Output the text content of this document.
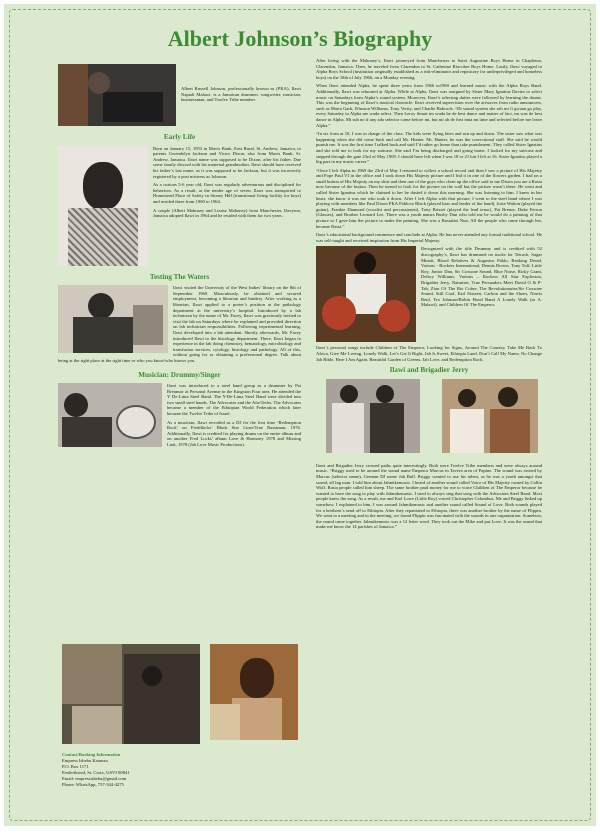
Albert Johnson’s Biography

Albert Russell Johnson, professionally known as (PKA), Ilawi Naptali Malawi, is a Jamaican drummer, songwriter, musician, businessman, and Twelve Tribe member.

Early Life

Born on January 15, 1953 in Mavis Bank, East Rural, St. Andrew, Jamaica, to parents Gwendolyn Jackson and Victor Dixon, also from Mavis Bank, St. Andrew, Jamaica. Ilawi name was supposed to be Dixon, after his father. Due some family discord with his maternal grandmother, Ilawi should have received his father’s last name, as it was supposed to be Jackson, but it was incorrectly registered by a post mistress as Johnson.

As a curious 5-6 year old, Ilawi was regularly adventurous and disciplined for behaviors. As a result, at the tender age of seven, Ilawi was transported to Homestead Place of Safety in Stoney Hill (transitional living facility for boys) and resided there from 1960 to 1964.

A couple (Albert Mahoney and Louise Mahoney) from Manchester, Davyton, Jamaica adopted Ilawi in 1964 and he resided with them for two years.

Testing The Waters

Ilawi visited the University of the West Indies’ library on the 8th of September 1969. Miraculously, he obtained and secured employment, becoming a librarian and bindery. After working as a librarian, Ilawi applied to a porter’s position at the pathology department at the university’s hospital. Introduced by a lab technician by the name of Mr. Facey, Ilawi was graciously invited to visit the lab on Saturdays where he explained and provided direction on lab technician responsibilities. Following experimental learning, Ilawi developed into a lab attendant. Shortly afterwards, Mr. Facey introduced Ilawi to the histology department. There, Ilawi began to experience in the lab doing chemistry, hematology, microbiology and transfusion services, cytology, histology and pathology. All of this, without going for or obtaining a professional degree. Talk about being at the right place at the right time or who you know/who knows you.

Musician: Drummy/Singer

Ilawi was introduced to a steel band group as a drummer by Pat Brennsor at Personal Avenue in the Kingston Four area. He attended the Y De-Lima Steel Band. The Y-De-Lima Steel Band were divided into two small steel bands, The Advocates and the AfroTechs. The Advocates became a member of the Ethiopian World Federation which later became the Twelve Tribe of Israel.

As a musician, Ilawi recorded as a DJ for the first time ‘Redemption Rock’ on Freddlocks’ Black Star Liner/True Rastaman, 1976. Additionally, Ilawi is credited for playing drums on the entire album and on another Fred Locks’ album Love & Harmony 1978 and Missing Link, 1978 (Jah Love Music Productions).

Contact/Booking Information
Empress Ishebu Karanza
P.O. Box 1171
Frederiksted, St. Croix, USVI 00841
Email: empressishebu@gmail.com
Phone: WhatsApp, 757-344-4275

After living with the Mahoney’s, Ilawi journeyed from Manchester to Saint Augustine Boys Home in Chapleton, Clarendon, Jamaica. Then, he traveled from Clarendon to St. Catherine Riocobre Boys Home. Lastly, Ilawi voyaged to Alpha Boys School (institution originally established as a risk-eliminator and repository for underprivileged and homeless boys) on the 18th of July 1966, on a Monday evening.

When Ilawi attended Alpha, he spent three years from 1966 to1969 and learned music with the Alpha Boys Band. Additionally, Ilawi was educated at Alpha. While at Alpha, Ilawi was assigned by Sister Mary Ignatius Davies to select music on Saturdays from Alpha’s sound system. Moreover, Ilawi’s selecting duties were followed by learning the drums. This was the beginning of Ilawi’s musical chronicle. Ilawi received supervision over the airwaves from radio announcers, such as Maria Garb, Winston Williams, Tony Verity, and Charlie Babcock. “Di sound system she seh mi fi gwaan go play, every Saturday in Alpha me wuda select. Then Leroy Smart im wuda be de best dance and matter of fact, im was de best dance in Alpha. Mi suh no if any ada selector come before mi, but mi ah de first inna mi time and selected before me leave Alpha.”

“In six form at 16, I was in charge of the class. The kids were flying kites and run up and down. The sister saw what was happening when she did come back and call Mr. Hunter. Mr. Hunter, he was the correctional staff. She said he would punish me. It was the first time I talked back and said I’d rather go home than take punishment. They called Sister Ignatius and she told me to look for my suitcase. She said I’m being discharged and going home. I looked for my suitcase and stepped through the gate 23rd of May 1969. I should have left when I was 18 or 21 but I left at 16. Sister Ignatius played a big part in my music career.”

“Once I left Alpha in 1969 the 23rd of May I returned to collect a school record and then I saw a picture of His Majesty and Pope Paul VI in the office and I took down His Majesty picture and I hid it in one of the flowers garden. I had on a small button of His Majesty on my shirt and then one of the guys who clean up the office said to me Dixon you are a Rasta now because of the button. Then he turned to look for the picture on the wall but the picture wasn’t there. He went and called Sister Ignatius which he claimed to her he dusted it down this morning. She was listening to him. I knew in her heart, she know it was me who took it down. After I left Alpha with that picture, I went to the steel band where I was playing with members like Paul Dixon PKA Pablove Black (played bass and leader of the band), Josie Walton (played the guitar), Frankie Diamond (vocalist and percussionist), Tony Brisset (played the lead tenor), Pat Brenor, Duke Ferron (Glasses), and Brother Leonard Lee. There was a youth names Bushy Dun who told me he would do a painting of that picture so I gave him the picture to make the painting. She was a Rastafari Nun. All the people who came through her, became Rasta.”

Ilawi’s educational background commence and conclude at Alpha. He has never attended any formal traditional school. He was self-taught and received inspiration from His Imperial Majesty.

Recognized with the title Drummy and is credited with 52 discography’s, Ilawi has drummed on tracks for Tetrack, Sugar Minott, Blood Relatives & Augustus Pablo, Ranking Dread, Various - Rockers International, Dennis Brown, Tony Tuff, Little Roy, Junior Dan, Sir Coxsone Sound, Blue Noise, Ricky Grant, Delroy Williams, Various – Rockers All Star Explosion, Brigadier Jerry, Naturiser, True Persuaders Meet David O & P-Tah, Zion Of The Rio Cobre, The Revolutionaries/Sir Coxsone Sound, Still Cool, Earl Sixteen, Carlton and the Shoes, Norris Reid, Tex Johnson/Robin Hood Band A Lonely Walk (as A. Malawi), and Children Of The Emperor.

Ilawi’s personal songs include Children of The Emperor, Looking for Signs, Around The Country, Take Me Back To Africa, Give Me Loving, Lonely Walk, Let’s Get It Right, Jah Is Sweet, Ethiopia Land, Don’t Call My Name, No Change Jah Bible, Here I Am Again, Beautiful Garden of Greens, Jah Love, and Redemption Rock.

Ilawi and Brigadier Jerry

Ilawi and Brigadier Jerry crossed paths quite interestingly. Both were Twelve Tribe members and were always around music. “Briggy used to be around the sound name Emperor Marcus in Tavern area of Papine. The sound was owned by Marcus (selector name), German DJ name Jah Bull. Briggy wanted to use his talent, as he was a youth amongst that sound, all big man. I told him about Jahmikemusic. I heard of another sound called Voice of His Majesty owned by Collin Wolf. Rasta people called him sheep. The same brother paid money for me to voice Children of The Emperor because he wanted to have the song to play with Jahmikemusic. I used to always sing that song with the Advocates Steel Band. Most people knew the song. As a result, me and Earl Lowe (Little Roy) voiced Christopher Columbus. Me and Briggy linked up somehow. I explained to him, I was around Jahmikemusic and another sound called Sound of Love. Both sounds played for a brethren’s send off to Ethiopia. After they repatriated to Ethiopia, there was another brother by the name of Flippin. We went to a meeting and in the meeting, we found Flippin was fascinated with the sounds in one organization. Somehow, the sound came together. Jahmikemusic was a 12 letter word. They took out the Mike and put Love. It was the sound that make me know the 14 parishes of Jamaica.”
